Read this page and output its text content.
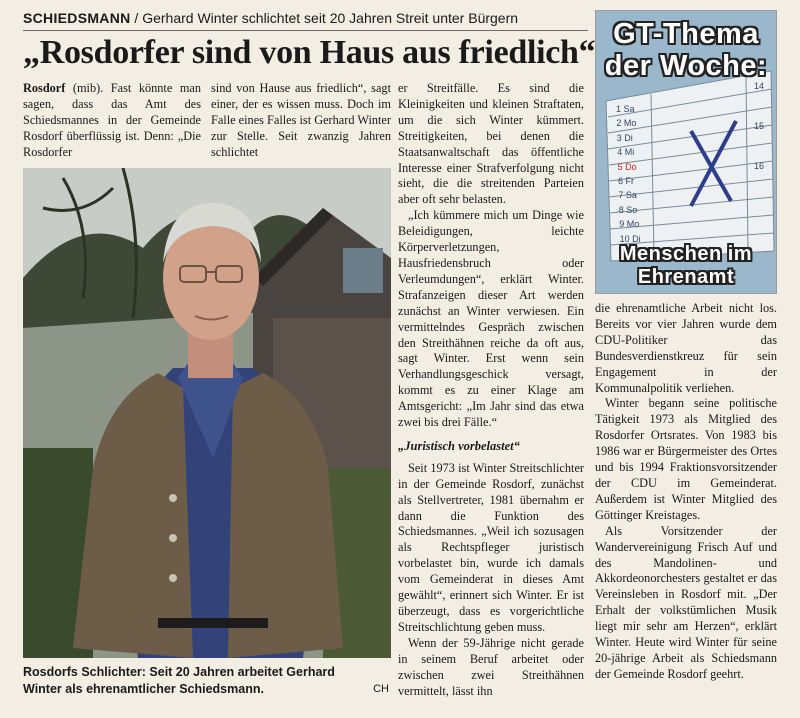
SCHIEDSMANN / Gerhard Winter schlichtet seit 20 Jahren Streit unter Bürgern
„Rosdorfer sind von Haus aus friedlich“

Rosdorf (mib). Fast könnte man sagen, dass das Amt des Schiedsmannes in der Gemeinde Rosdorf überflüssig ist. Denn: „Die Rosdorfer

sind von Hause aus friedlich“, sagt einer, der es wissen muss. Doch im Falle eines Falles ist Gerhard Winter zur Stelle. Seit zwanzig Jahren schlichtet

Rosdorfs Schlichter: Seit 20 Jahren arbeitet Gerhard Winter als ehrenamtlicher Schiedsmann.	CH

er Streitfälle. Es sind die Kleinigkeiten und kleinen Straftaten, um die sich Winter kümmert. Streitigkeiten, bei denen die Staatsanwaltschaft das öffentliche Interesse einer Strafverfolgung nicht sieht, die die streitenden Parteien aber oft sehr belasten.

„Ich kümmere mich um Dinge wie Beleidigungen, leichte Körperverletzungen, Hausfriedensbruch oder Verleumdungen“, erklärt Winter. Strafanzeigen dieser Art werden zunächst an Winter verwiesen. Ein vermittelndes Gespräch zwischen den Streithähnen reiche da oft aus, sagt Winter. Erst wenn sein Verhandlungsgeschick versagt, kommt es zu einer Klage am Amtsgericht: „Im Jahr sind das etwa zwei bis drei Fälle.“

„Juristisch vorbelastet“

Seit 1973 ist Winter Streitschlichter in der Gemeinde Rosdorf, zunächst als Stellvertreter, 1981 übernahm er dann die Funktion des Schiedsmannes. „Weil ich sozusagen als Rechtspfleger juristisch vorbelastet bin, wurde ich damals vom Gemeinderat in dieses Amt gewählt“, erinnert sich Winter. Er ist überzeugt, dass es vorgerichtliche Streitschlichtung geben muss.

Wenn der 59-Jährige nicht gerade in seinem Beruf arbeitet oder zwischen zwei Streithähnen vermittelt, lässt ihn

GT-Thema
der Woche:
1 Sa
2 Mo
3 Di
4 Mi
5 Do
6 Fr
7 Sa
8 So
9 Mo
10 Di
14
15
16
Menschen im
Ehrenamt

die ehrenamtliche Arbeit nicht los. Bereits vor vier Jahren wurde dem CDU-Politiker das Bundesverdienstkreuz für sein Engagement in der Kommunalpolitik verliehen.

Winter begann seine politische Tätigkeit 1973 als Mitglied des Rosdorfer Ortsrates. Von 1983 bis 1986 war er Bürgermeister des Ortes und bis 1994 Fraktionsvorsitzender der CDU im Gemeinderat. Außerdem ist Winter Mitglied des Göttinger Kreistages.

Als Vorsitzender der Wandervereinigung Frisch Auf und des Mandolinen- und Akkordeonorchesters gestaltet er das Vereinsleben in Rosdorf mit. „Der Erhalt der volkstümlichen Musik liegt mir sehr am Herzen“, erklärt Winter. Heute wird Winter für seine 20-jährige Arbeit als Schiedsmann der Gemeinde Rosdorf geehrt.
